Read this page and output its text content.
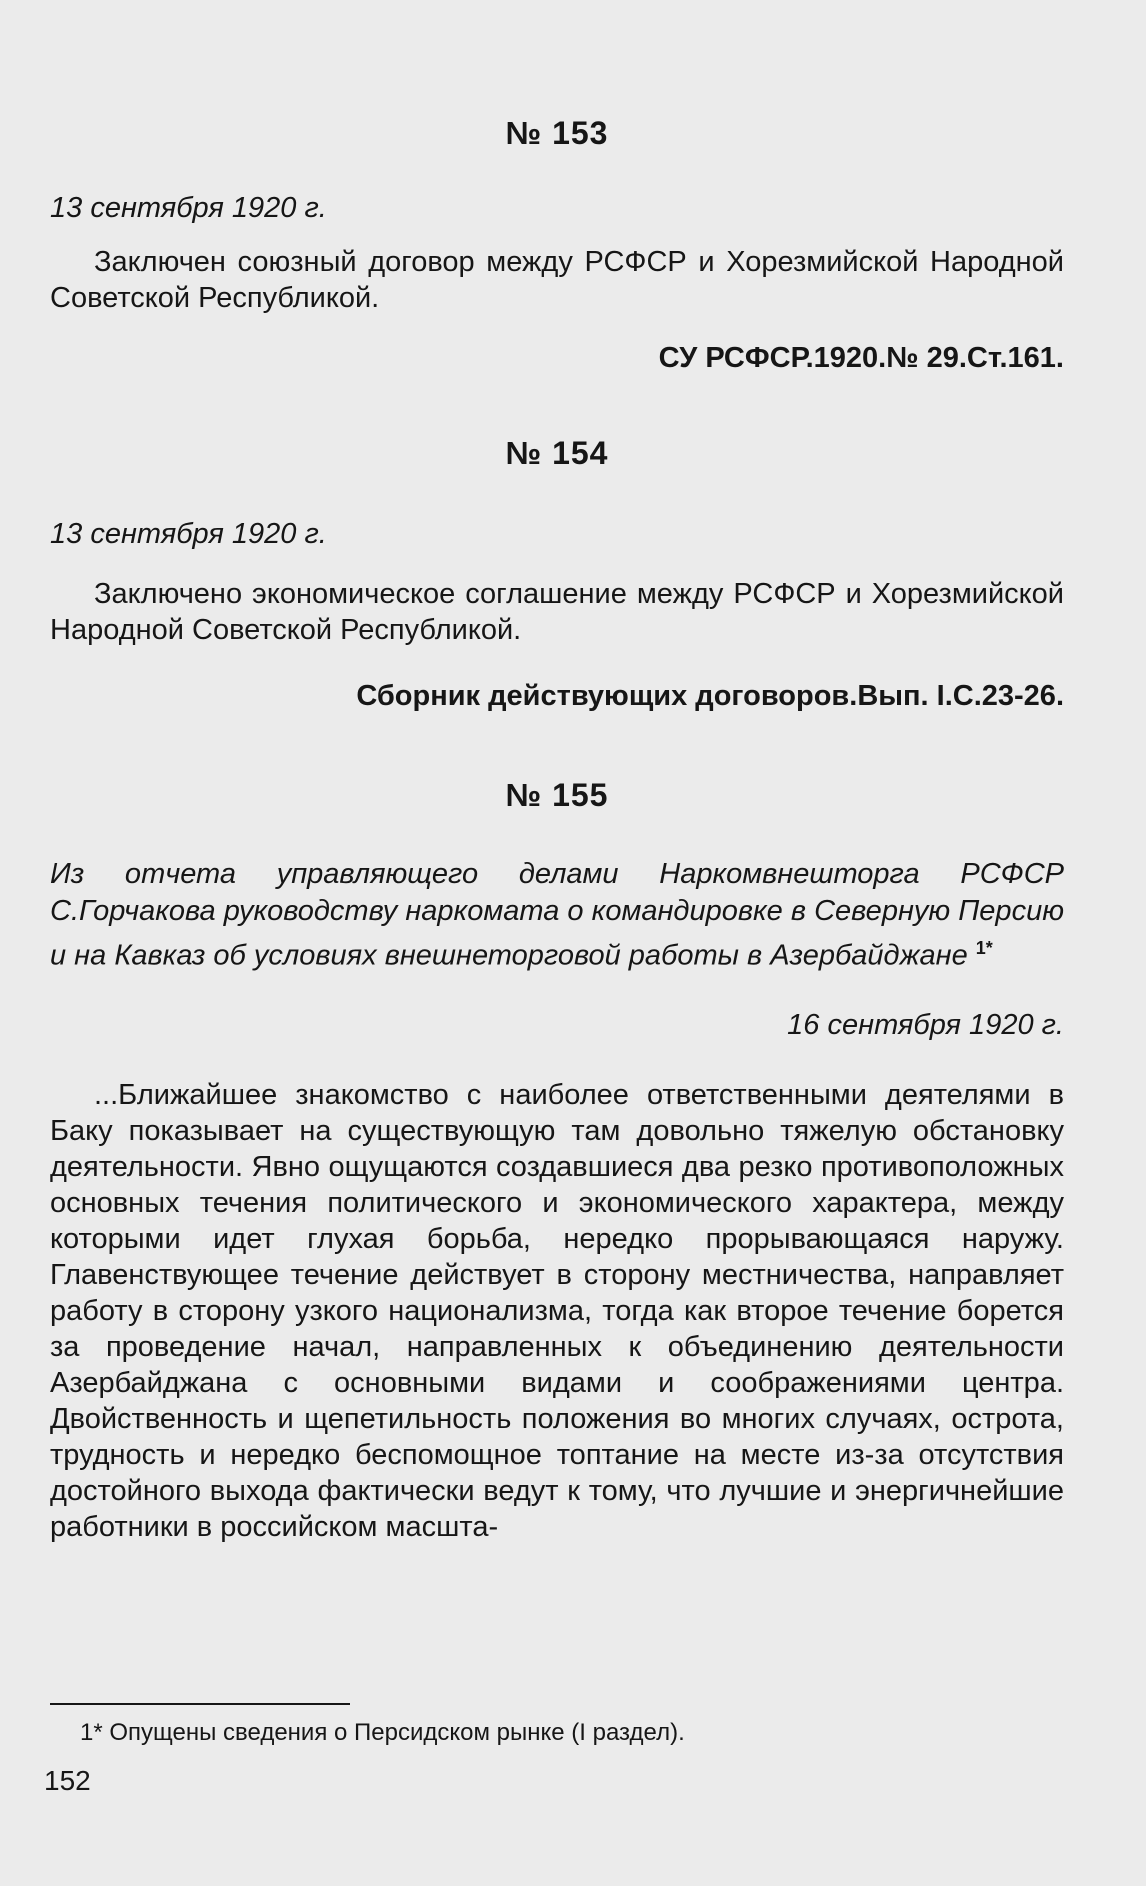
№ 153

13 сентября 1920 г.

Заключен союзный договор между РСФСР и Хорезмийской Народной Советской Республикой.

СУ РСФСР.1920.№ 29.Ст.161.

№ 154

13 сентября 1920 г.

Заключено экономическое соглашение между РСФСР и Хорезмийской Народной Советской Республикой.

Сборник действующих договоров.Вып. I.С.23-26.

№ 155

Из отчета управляющего делами Наркомвнешторга РСФСР С.Горчакова руководству наркомата о командировке в Северную Персию и на Кавказ об условиях внешнеторговой работы в Азербайджане $^{1*}$

16 сентября 1920 г.

...Ближайшее знакомство с наиболее ответственными деятелями в Баку показывает на существующую там довольно тяжелую обстановку деятельности. Явно ощущаются создавшиеся два резко противоположных основных течения политического и экономического характера, между которыми идет глухая борьба, нередко прорывающаяся наружу. Главенствующее течение действует в сторону местничества, направляет работу в сторону узкого национализма, тогда как второе течение борется за проведение начал, направленных к объединению деятельности Азербайджана с основными видами и соображениями центра. Двойственность и щепетильность положения во многих случаях, острота, трудность и нередко беспомощное топтание на месте из-за отсутствия достойного выхода фактически ведут к тому, что лучшие и энергичнейшие работники в российском масшта-

1* Опущены сведения о Персидском рынке (I раздел).

152
